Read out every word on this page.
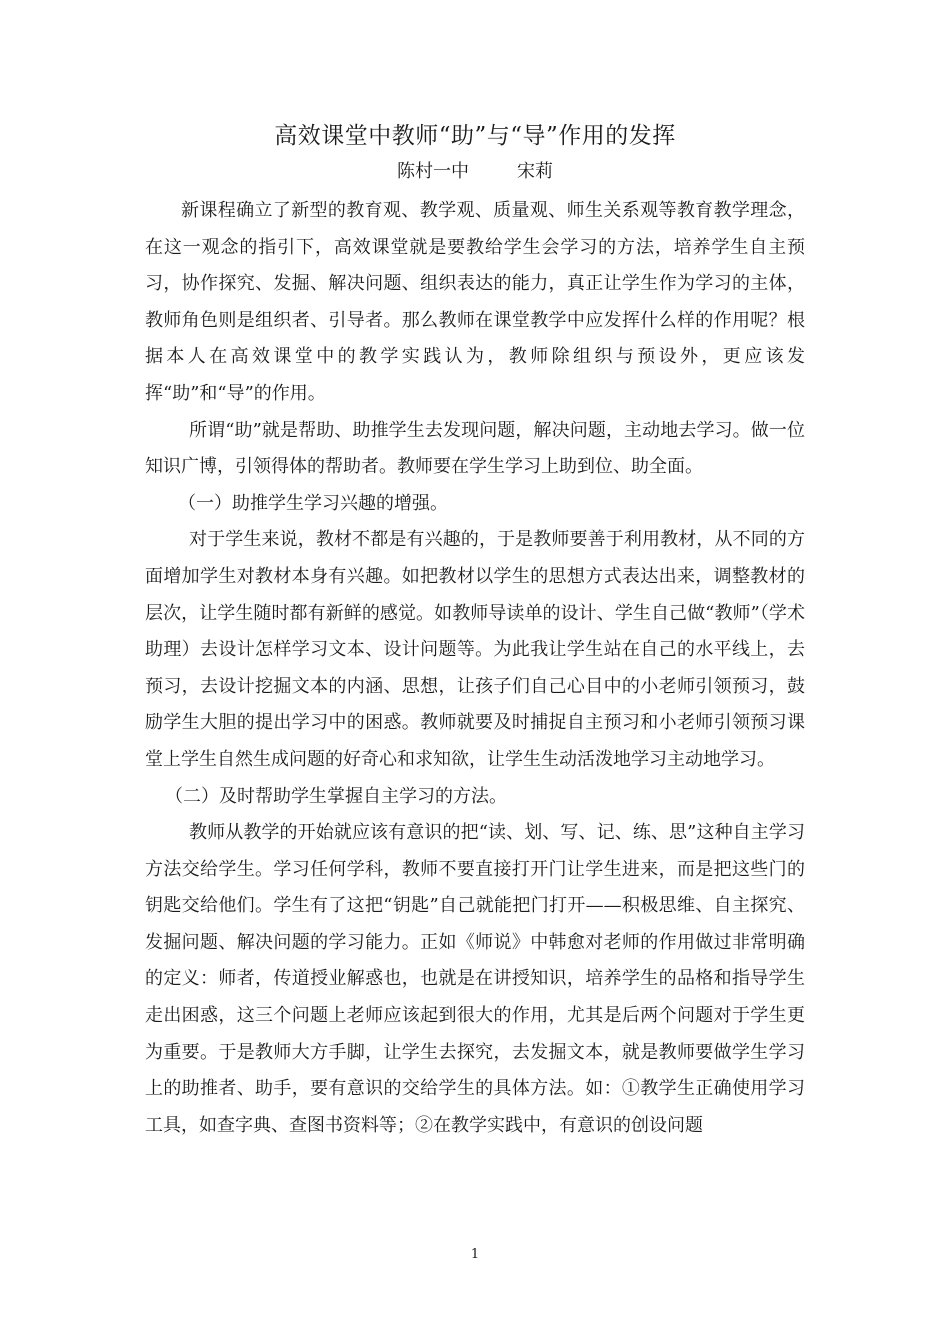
高效课堂中教师“助”与“导”作用的发挥
陈村一中	宋莉

新课程确立了新型的教育观、教学观、质量观、师生关系观等教育教学理念，在这一观念的指引下，高效课堂就是要教给学生会学习的方法，培养学生自主预习，协作探究、发掘、解决问题、组织表达的能力，真正让学生作为学习的主体，教师角色则是组织者、引导者。那么教师在课堂教学中应发挥什么样的作用呢？根据本人在高效课堂中的教学实践认为，教师除组织与预设外，更应该发挥“助”和“导”的作用。

所谓“助”就是帮助、助推学生去发现问题，解决问题，主动地去学习。做一位知识广博，引领得体的帮助者。教师要在学生学习上助到位、助全面。

（一）助推学生学习兴趣的增强。

对于学生来说，教材不都是有兴趣的，于是教师要善于利用教材，从不同的方面增加学生对教材本身有兴趣。如把教材以学生的思想方式表达出来，调整教材的层次，让学生随时都有新鲜的感觉。如教师导读单的设计、学生自己做“教师”（学术助理）去设计怎样学习文本、设计问题等。为此我让学生站在自己的水平线上，去预习，去设计挖掘文本的内涵、思想，让孩子们自己心目中的小老师引领预习，鼓励学生大胆的提出学习中的困惑。教师就要及时捕捉自主预习和小老师引领预习课堂上学生自然生成问题的好奇心和求知欲，让学生生动活泼地学习主动地学习。

（二）及时帮助学生掌握自主学习的方法。

教师从教学的开始就应该有意识的把“读、划、写、记、练、思”这种自主学习方法交给学生。学习任何学科，教师不要直接打开门让学生进来，而是把这些门的钥匙交给他们。学生有了这把“钥匙”自己就能把门打开——积极思维、自主探究、发掘问题、解决问题的学习能力。正如《师说》中韩愈对老师的作用做过非常明确的定义：师者，传道授业解惑也，也就是在讲授知识，培养学生的品格和指导学生走出困惑，这三个问题上老师应该起到很大的作用，尤其是后两个问题对于学生更为重要。于是教师大方手脚，让学生去探究，去发掘文本，就是教师要做学生学习上的助推者、助手，要有意识的交给学生的具体方法。如：①教学生正确使用学习工具，如查字典、查图书资料等；②在教学实践中，有意识的创设问题

1
